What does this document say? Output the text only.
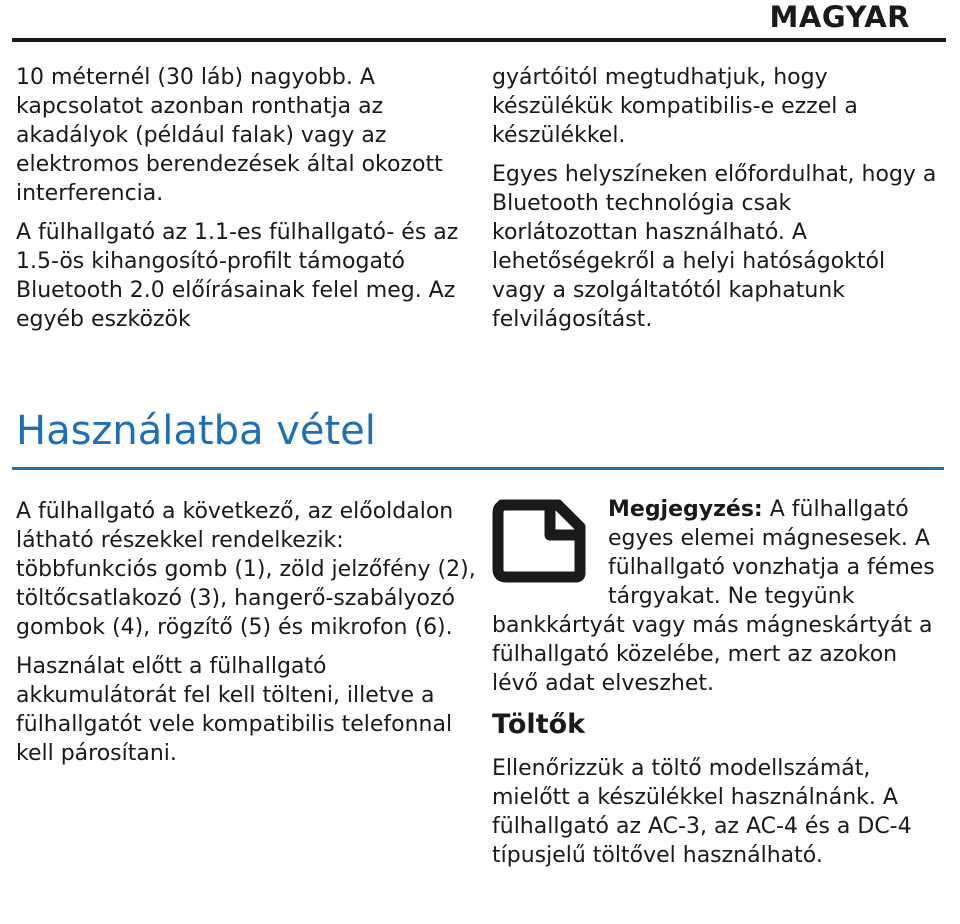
MAGYAR

10 méternél (30 láb) nagyobb. A kapcsolatot azonban ronthatja az akadályok (például falak) vagy az elektromos berendezések által okozott interferencia.

A fülhallgató az 1.1-es fülhallgató- és az 1.5-ös kihangosító-profilt támogató Bluetooth 2.0 előírásainak felel meg. Az egyéb eszközök

gyártóitól megtudhatjuk, hogy készülékük kompatibilis-e ezzel a készülékkel.

Egyes helyszíneken előfordulhat, hogy a Bluetooth technológia csak korlátozottan használható. A lehetőségekről a helyi hatóságoktól vagy a szolgáltatótól kaphatunk felvilágosítást.

Használatba vétel

A fülhallgató a következő, az előoldalon látható részekkel rendelkezik: többfunkciós gomb (1), zöld jelzőfény (2), töltőcsatlakozó (3), hangerő-szabályozó gombok (4), rögzítő (5) és mikrofon (6).

Használat előtt a fülhallgató akkumulátorát fel kell tölteni, illetve a fülhallgatót vele kompatibilis telefonnal kell párosítani.

Megjegyzés: A fülhallgató egyes elemei mágnesesek. A fülhallgató vonzhatja a fémes tárgyakat. Ne tegyünk bankkártyát vagy más mágneskártyát a fülhallgató közelébe, mert az azokon lévő adat elveszhet.

Töltők

Ellenőrizzük a töltő modellszámát, mielőtt a készülékkel használnánk. A fülhallgató az AC-3, az AC-4 és a DC-4 típusjelű töltővel használható.
